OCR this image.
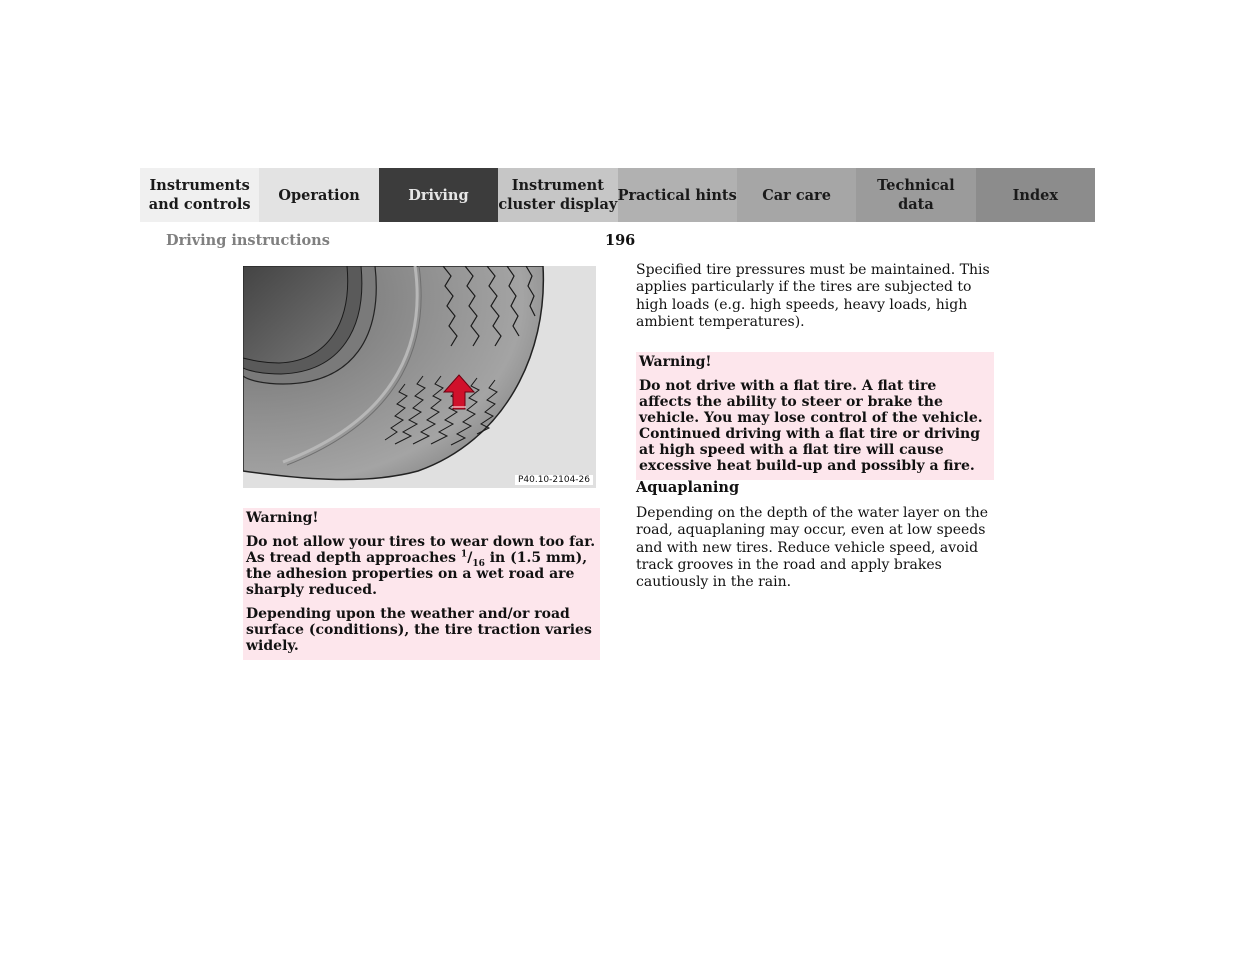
Instruments
and controls
Operation	Driving
Instrument
cluster display
Practical hints	Car care
Technical
data
Index
Driving instructions	196
P40.10-2104-26
Warning!

Do not allow your tires to wear down too far. As tread depth approaches $^1/_{16}$ in (1.5 mm), the adhesion properties on a wet road are sharply reduced.

Depending upon the weather and/or road surface (conditions), the tire traction varies widely.

Specified tire pressures must be maintained. This applies particularly if the tires are subjected to high loads (e.g. high speeds, heavy loads, high ambient temperatures).

Warning!

Do not drive with a flat tire. A flat tire affects the ability to steer or brake the vehicle. You may lose control of the vehicle. Continued driving with a flat tire or driving at high speed with a flat tire will cause excessive heat build-up and possibly a fire.

Aquaplaning

Depending on the depth of the water layer on the road, aquaplaning may occur, even at low speeds and with new tires. Reduce vehicle speed, avoid track grooves in the road and apply brakes cautiously in the rain.
